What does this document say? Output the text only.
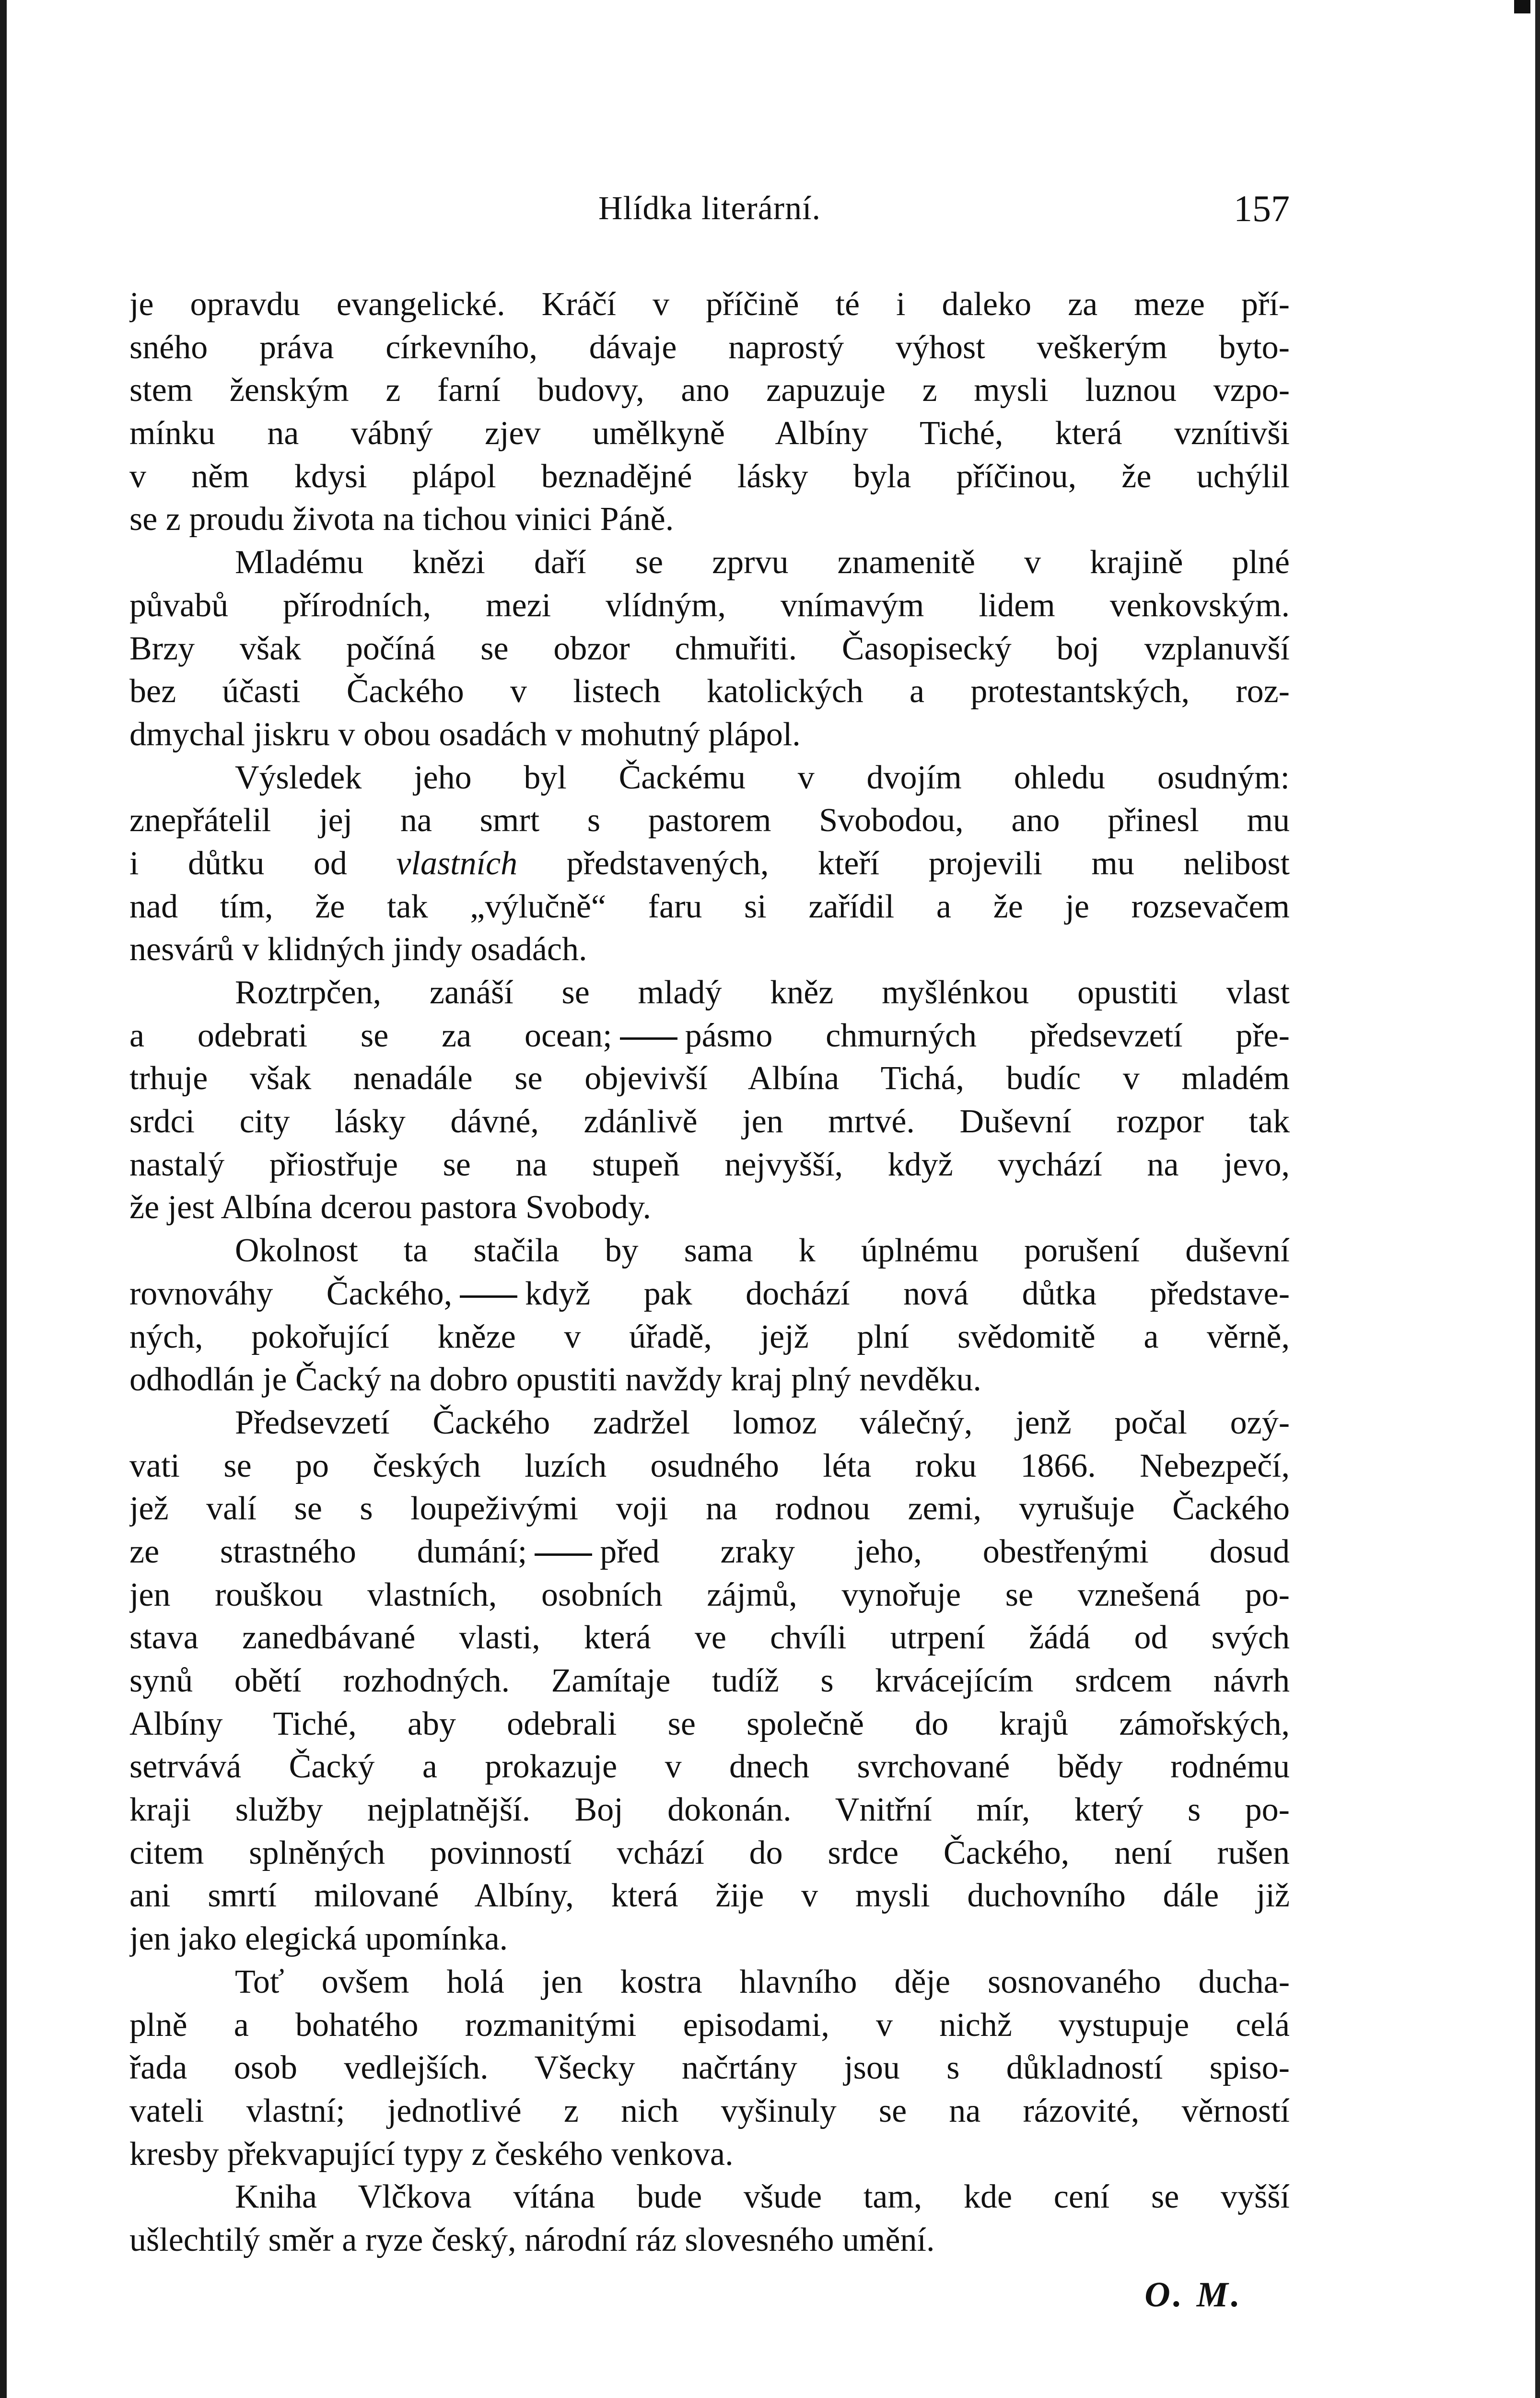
Hlídka literární.	157
je opravdu evangelické. Kráčí v příčině té i daleko za meze pří-
sného práva církevního, dávaje naprostý výhost veškerým byto-
stem ženským z farní budovy, ano zapuzuje z mysli luznou vzpo-
mínku na vábný zjev umělkyně Albíny Tiché, která vznítivši
v něm kdysi plápol beznadějné lásky byla příčinou, že uchýlil
se z proudu života na tichou vinici Páně.
Mladému knězi daří se zprvu znamenitě v krajině plné
půvabů přírodních, mezi vlídným, vnímavým lidem venkovským.
Brzy však počíná se obzor chmuřiti. Časopisecký boj vzplanuvší
bez účasti Čackého v listech katolických a protestantských, roz-
dmychal jiskru v obou osadách v mohutný plápol.
Výsledek jeho byl Čackému v dvojím ohledu osudným:
znepřátelil jej na smrt s pastorem Svobodou, ano přinesl mu
i důtku od vlastních představených, kteří projevili mu nelibost
nad tím, že tak „výlučně“ faru si zařídil a že je rozsevačem
nesvárů v klidných jindy osadách.
Roztrpčen, zanáší se mladý kněz myšlénkou opustiti vlast
a odebrati se za ocean; pásmo chmurných předsevzetí pře-
trhuje však nenadále se objevivší Albína Tichá, budíc v mladém
srdci city lásky dávné, zdánlivě jen mrtvé. Duševní rozpor tak
nastalý přiostřuje se na stupeň nejvyšší, když vychází na jevo,
že jest Albína dcerou pastora Svobody.
Okolnost ta stačila by sama k úplnému porušení duševní
rovnováhy Čackého, když pak dochází nová důtka představe-
ných, pokořující kněze v úřadě, jejž plní svědomitě a věrně,
odhodlán je Čacký na dobro opustiti navždy kraj plný nevděku.
Předsevzetí Čackého zadržel lomoz válečný, jenž počal ozý-
vati se po českých luzích osudného léta roku 1866. Nebezpečí,
jež valí se s loupeživými voji na rodnou zemi, vyrušuje Čackého
ze strastného dumání; před zraky jeho, obestřenými dosud
jen rouškou vlastních, osobních zájmů, vynořuje se vznešená po-
stava zanedbávané vlasti, která ve chvíli utrpení žádá od svých
synů obětí rozhodných. Zamítaje tudíž s krvácejícím srdcem návrh
Albíny Tiché, aby odebrali se společně do krajů zámořských,
setrvává Čacký a prokazuje v dnech svrchované bědy rodnému
kraji služby nejplatnější. Boj dokonán. Vnitřní mír, který s po-
citem splněných povinností vchází do srdce Čackého, není rušen
ani smrtí milované Albíny, která žije v mysli duchovního dále již
jen jako elegická upomínka.
Toť ovšem holá jen kostra hlavního děje sosnovaného ducha-
plně a bohatého rozmanitými episodami, v nichž vystupuje celá
řada osob vedlejších. Všecky načrtány jsou s důkladností spiso-
vateli vlastní; jednotlivé z nich vyšinuly se na rázovité, věrností
kresby překvapující typy z českého venkova.
Kniha Vlčkova vítána bude všude tam, kde cení se vyšší
ušlechtilý směr a ryze český, národní ráz slovesného umění.
O. M.
